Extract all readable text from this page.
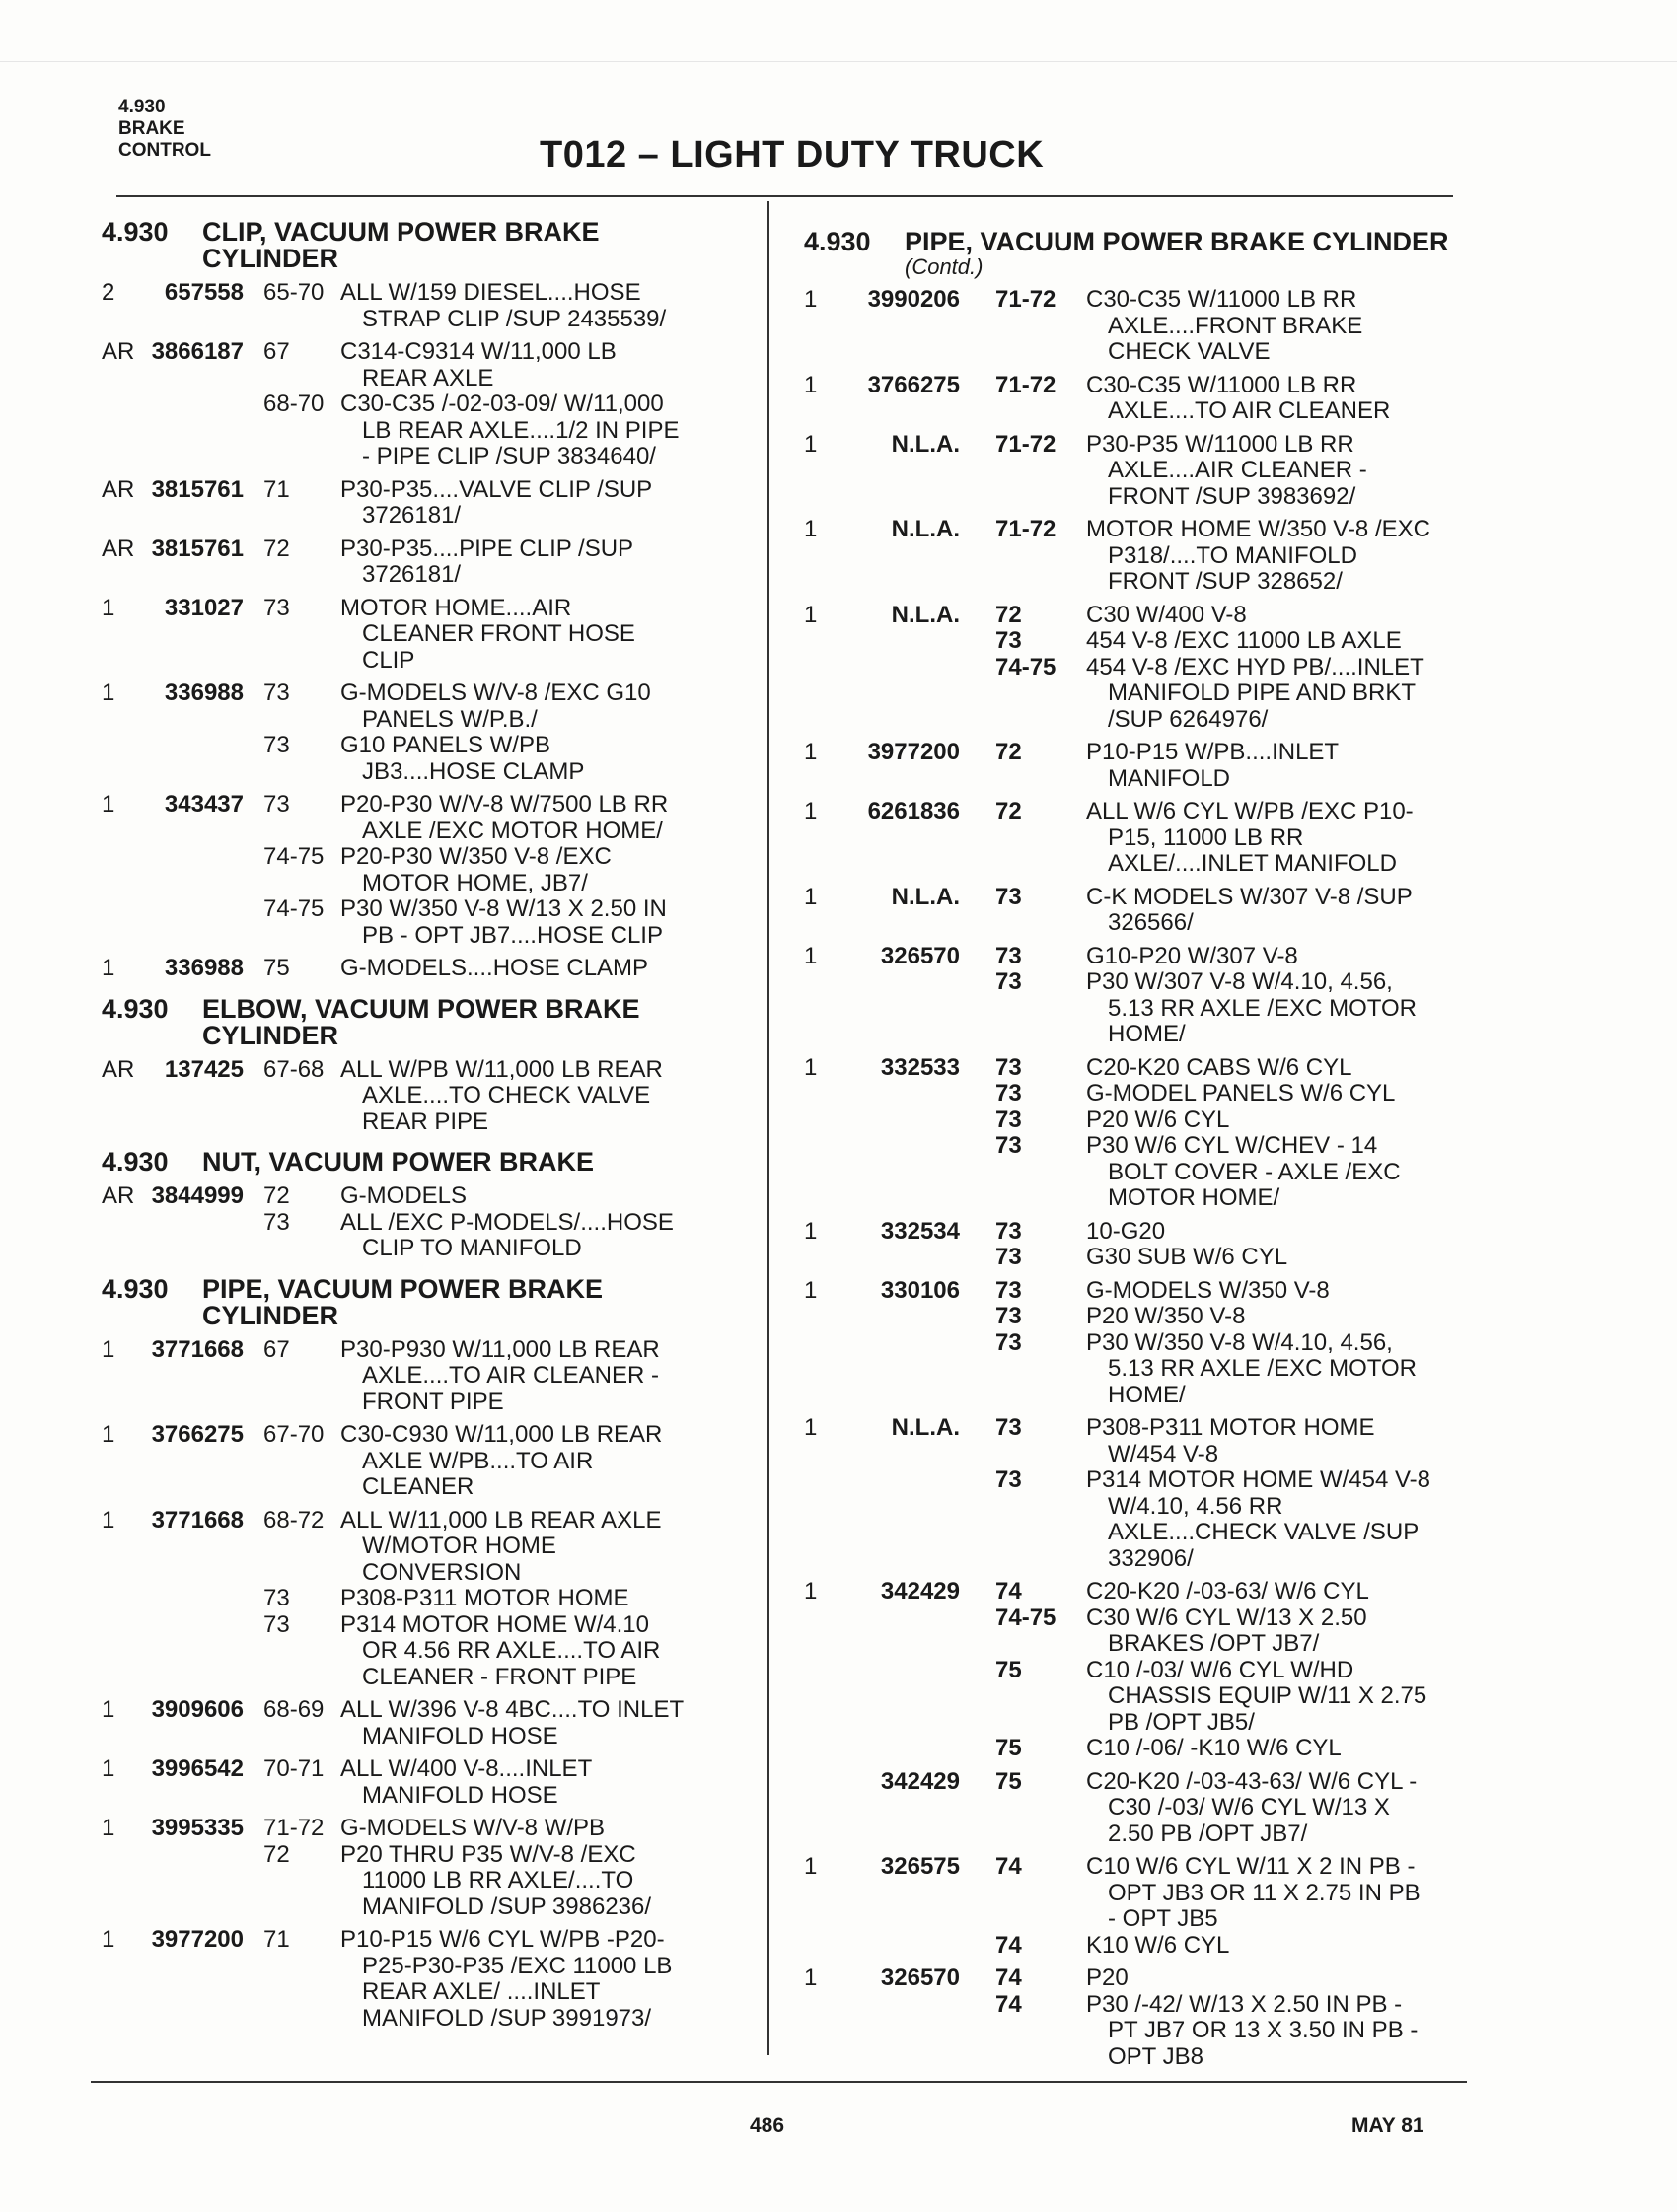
4.930
BRAKE
CONTROL	T012 – LIGHT DUTY TRUCK
4.930	CLIP, VACUUM POWER BRAKE
CYLINDER
2	657558 65-70 ALL W/159 DIESEL....HOSE
STRAP CLIP /SUP 2435539/
AR 3866187 67	C314-C9314 W/11,000 LB
REAR AXLE
68-70 C30-C35 /-02-03-09/ W/11,000
LB REAR AXLE....1/2 IN PIPE
- PIPE CLIP /SUP 3834640/
AR 3815761 71	P30-P35....VALVE CLIP /SUP
3726181/
AR 3815761 72	P30-P35....PIPE CLIP /SUP
3726181/
1	331027 73	MOTOR HOME....AIR
CLEANER FRONT HOSE
CLIP
1	336988 73	G-MODELS W/V-8 /EXC G10
PANELS W/P.B./
73	G10 PANELS W/PB
JB3....HOSE CLAMP
1	343437 73	P20-P30 W/V-8 W/7500 LB RR
AXLE /EXC MOTOR HOME/
74-75 P20-P30 W/350 V-8 /EXC
MOTOR HOME, JB7/
74-75 P30 W/350 V-8 W/13 X 2.50 IN
PB - OPT JB7....HOSE CLIP
1	336988 75	G-MODELS....HOSE CLAMP
4.930	ELBOW, VACUUM POWER BRAKE
CYLINDER
AR	137425 67-68 ALL W/PB W/11,000 LB REAR
AXLE....TO CHECK VALVE
REAR PIPE
4.930	NUT, VACUUM POWER BRAKE
AR 3844999 72	G-MODELS
73	ALL /EXC P-MODELS/....HOSE
CLIP TO MANIFOLD
4.930	PIPE, VACUUM POWER BRAKE
CYLINDER
1	3771668 67	P30-P930 W/11,000 LB REAR
AXLE....TO AIR CLEANER -
FRONT PIPE
1	3766275 67-70 C30-C930 W/11,000 LB REAR
AXLE W/PB....TO AIR
CLEANER
1	3771668 68-72 ALL W/11,000 LB REAR AXLE
W/MOTOR HOME
CONVERSION
73	P308-P311 MOTOR HOME
73	P314 MOTOR HOME W/4.10
OR 4.56 RR AXLE....TO AIR
CLEANER - FRONT PIPE
1	3909606 68-69 ALL W/396 V-8 4BC....TO INLET
MANIFOLD HOSE
1	3996542 70-71 ALL W/400 V-8....INLET
MANIFOLD HOSE
1	3995335 71-72 G-MODELS W/V-8 W/PB
72	P20 THRU P35 W/V-8 /EXC
11000 LB RR AXLE/....TO
MANIFOLD /SUP 3986236/
1	3977200 71	P10-P15 W/6 CYL W/PB -P20-
P25-P30-P35 /EXC 11000 LB
REAR AXLE/ ....INLET
MANIFOLD /SUP 3991973/
4.930	PIPE, VACUUM POWER BRAKE CYLINDER
(Contd.)
1	3990206	71-72	C30-C35 W/11000 LB RR
AXLE....FRONT BRAKE
CHECK VALVE
1	3766275	71-72	C30-C35 W/11000 LB RR
AXLE....TO AIR CLEANER
1	N.L.A.	71-72	P30-P35 W/11000 LB RR
AXLE....AIR CLEANER -
FRONT /SUP 3983692/
1	N.L.A.	71-72	MOTOR HOME W/350 V-8 /EXC
P318/....TO MANIFOLD
FRONT /SUP 328652/
1	N.L.A.	72	C30 W/400 V-8
73	454 V-8 /EXC 11000 LB AXLE
74-75	454 V-8 /EXC HYD PB/....INLET
MANIFOLD PIPE AND BRKT
/SUP 6264976/
1	3977200	72	P10-P15 W/PB....INLET
MANIFOLD
1	6261836	72	ALL W/6 CYL W/PB /EXC P10-
P15, 11000 LB RR
AXLE/....INLET MANIFOLD
1	N.L.A.	73	C-K MODELS W/307 V-8 /SUP
326566/
1	326570	73	G10-P20 W/307 V-8
73	P30 W/307 V-8 W/4.10, 4.56,
5.13 RR AXLE /EXC MOTOR
HOME/
1	332533	73	C20-K20 CABS W/6 CYL
73	G-MODEL PANELS W/6 CYL
73	P20 W/6 CYL
73	P30 W/6 CYL W/CHEV - 14
BOLT COVER - AXLE /EXC
MOTOR HOME/
1	332534	73	10-G20
73	G30 SUB W/6 CYL
1	330106	73	G-MODELS W/350 V-8
73	P20 W/350 V-8
73	P30 W/350 V-8 W/4.10, 4.56,
5.13 RR AXLE /EXC MOTOR
HOME/
1	N.L.A.	73	P308-P311 MOTOR HOME
W/454 V-8
73	P314 MOTOR HOME W/454 V-8
W/4.10, 4.56 RR
AXLE....CHECK VALVE /SUP
332906/
1	342429	74	C20-K20 /-03-63/ W/6 CYL
74-75	C30 W/6 CYL W/13 X 2.50
BRAKES /OPT JB7/
75	C10 /-03/ W/6 CYL W/HD
CHASSIS EQUIP W/11 X 2.75
PB /OPT JB5/
75	C10 /-06/ -K10 W/6 CYL
342429	75	C20-K20 /-03-43-63/ W/6 CYL -
C30 /-03/ W/6 CYL W/13 X
2.50 PB /OPT JB7/
1	326575	74	C10 W/6 CYL W/11 X 2 IN PB -
OPT JB3 OR 11 X 2.75 IN PB
- OPT JB5
74	K10 W/6 CYL
1	326570	74	P20
74	P30 /-42/ W/13 X 2.50 IN PB -
PT JB7 OR 13 X 3.50 IN PB -
OPT JB8
486	MAY 81
